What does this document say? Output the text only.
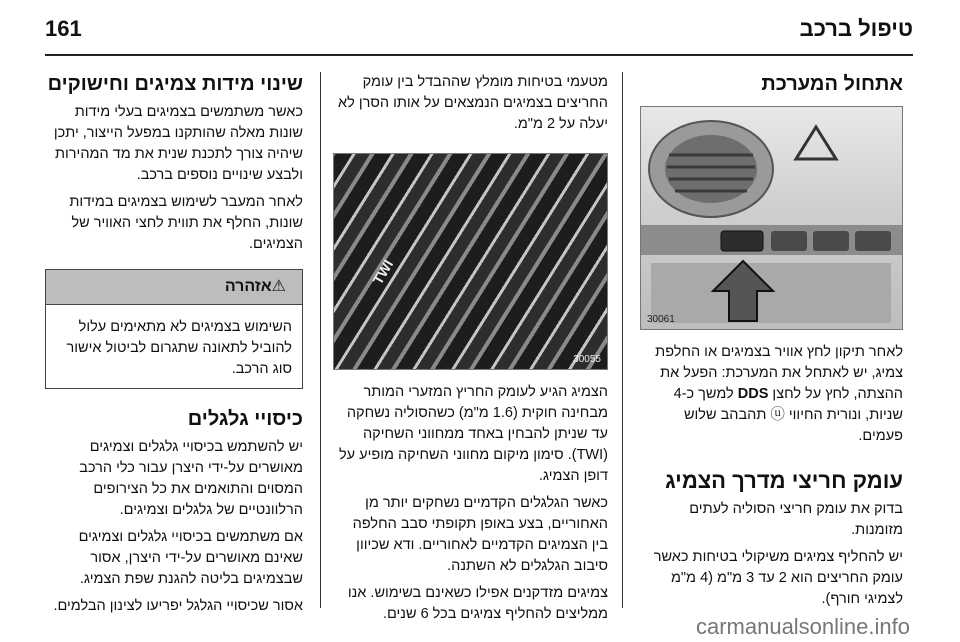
161	טיפול ברכב
אתחול המערכת
30061

לאחר תיקון לחץ אוויר בצמיגים או החלפת צמיג, יש לאתחל את המערכת: הפעל את ההצתה, לחץ על לחצן DDS למשך כ-4 שניות, ונורית החיווי ⓤ תהבהב שלוש פעמים.

עומק חריצי מדרך הצמיג

בדוק את עומק חריצי הסוליה לעתים מזומנות.

יש להחליף צמיגים משיקולי בטיחות כאשר עומק החריצים הוא 2 עד 3 מ"מ (4 מ"מ לצמיגי חורף).

מטעמי בטיחות מומלץ שההבדל בין עומק החריצים בצמיגים הנמצאים על אותו הסרן לא יעלה על 2 מ"מ.

TWI
30055

הצמיג הגיע לעומק החריץ המזערי המותר מבחינה חוקית (1.6 מ"מ) כשהסוליה נשחקה עד שניתן להבחין באחד ממחווני השחיקה (TWI). סימון מיקום מחווני השחיקה מופיע על דופן הצמיג.

כאשר הגלגלים הקדמיים נשחקים יותר מן האחוריים, בצע באופן תקופתי סבב החלפה בין הצמיגים הקדמיים לאחוריים. ודא שכיוון סיבוב הגלגלים לא השתנה.

צמיגים מזדקנים אפילו כשאינם בשימוש. אנו ממליצים להחליף צמיגים בכל 6 שנים.

שינוי מידות צמיגים וחישוקים

כאשר משתמשים בצמיגים בעלי מידות שונות מאלה שהותקנו במפעל הייצור, יתכן שיהיה צורך לתכנת שנית את מד המהירות ולבצע שינויים נוספים ברכב.

לאחר המעבר לשימוש בצמיגים במידות שונות, החלף את תווית לחצי האוויר של הצמיגים.

⚠אזהרה

השימוש בצמיגים לא מתאימים עלול להוביל לתאונה שתגרום לביטול אישור סוג הרכב.

כיסויי גלגלים

יש להשתמש בכיסויי גלגלים וצמיגים מאושרים על-ידי היצרן עבור כלי הרכב המסוים והתואמים את כל הצירופים הרלוונטיים של גלגלים וצמיגים.

אם משתמשים בכיסויי גלגלים וצמיגים שאינם מאושרים על-ידי היצרן, אסור שבצמיגים בליטה להגנת שפת הצמיג.

אסור שכיסויי הגלגל יפריעו לצינון הבלמים.

carmanualsonline.info
